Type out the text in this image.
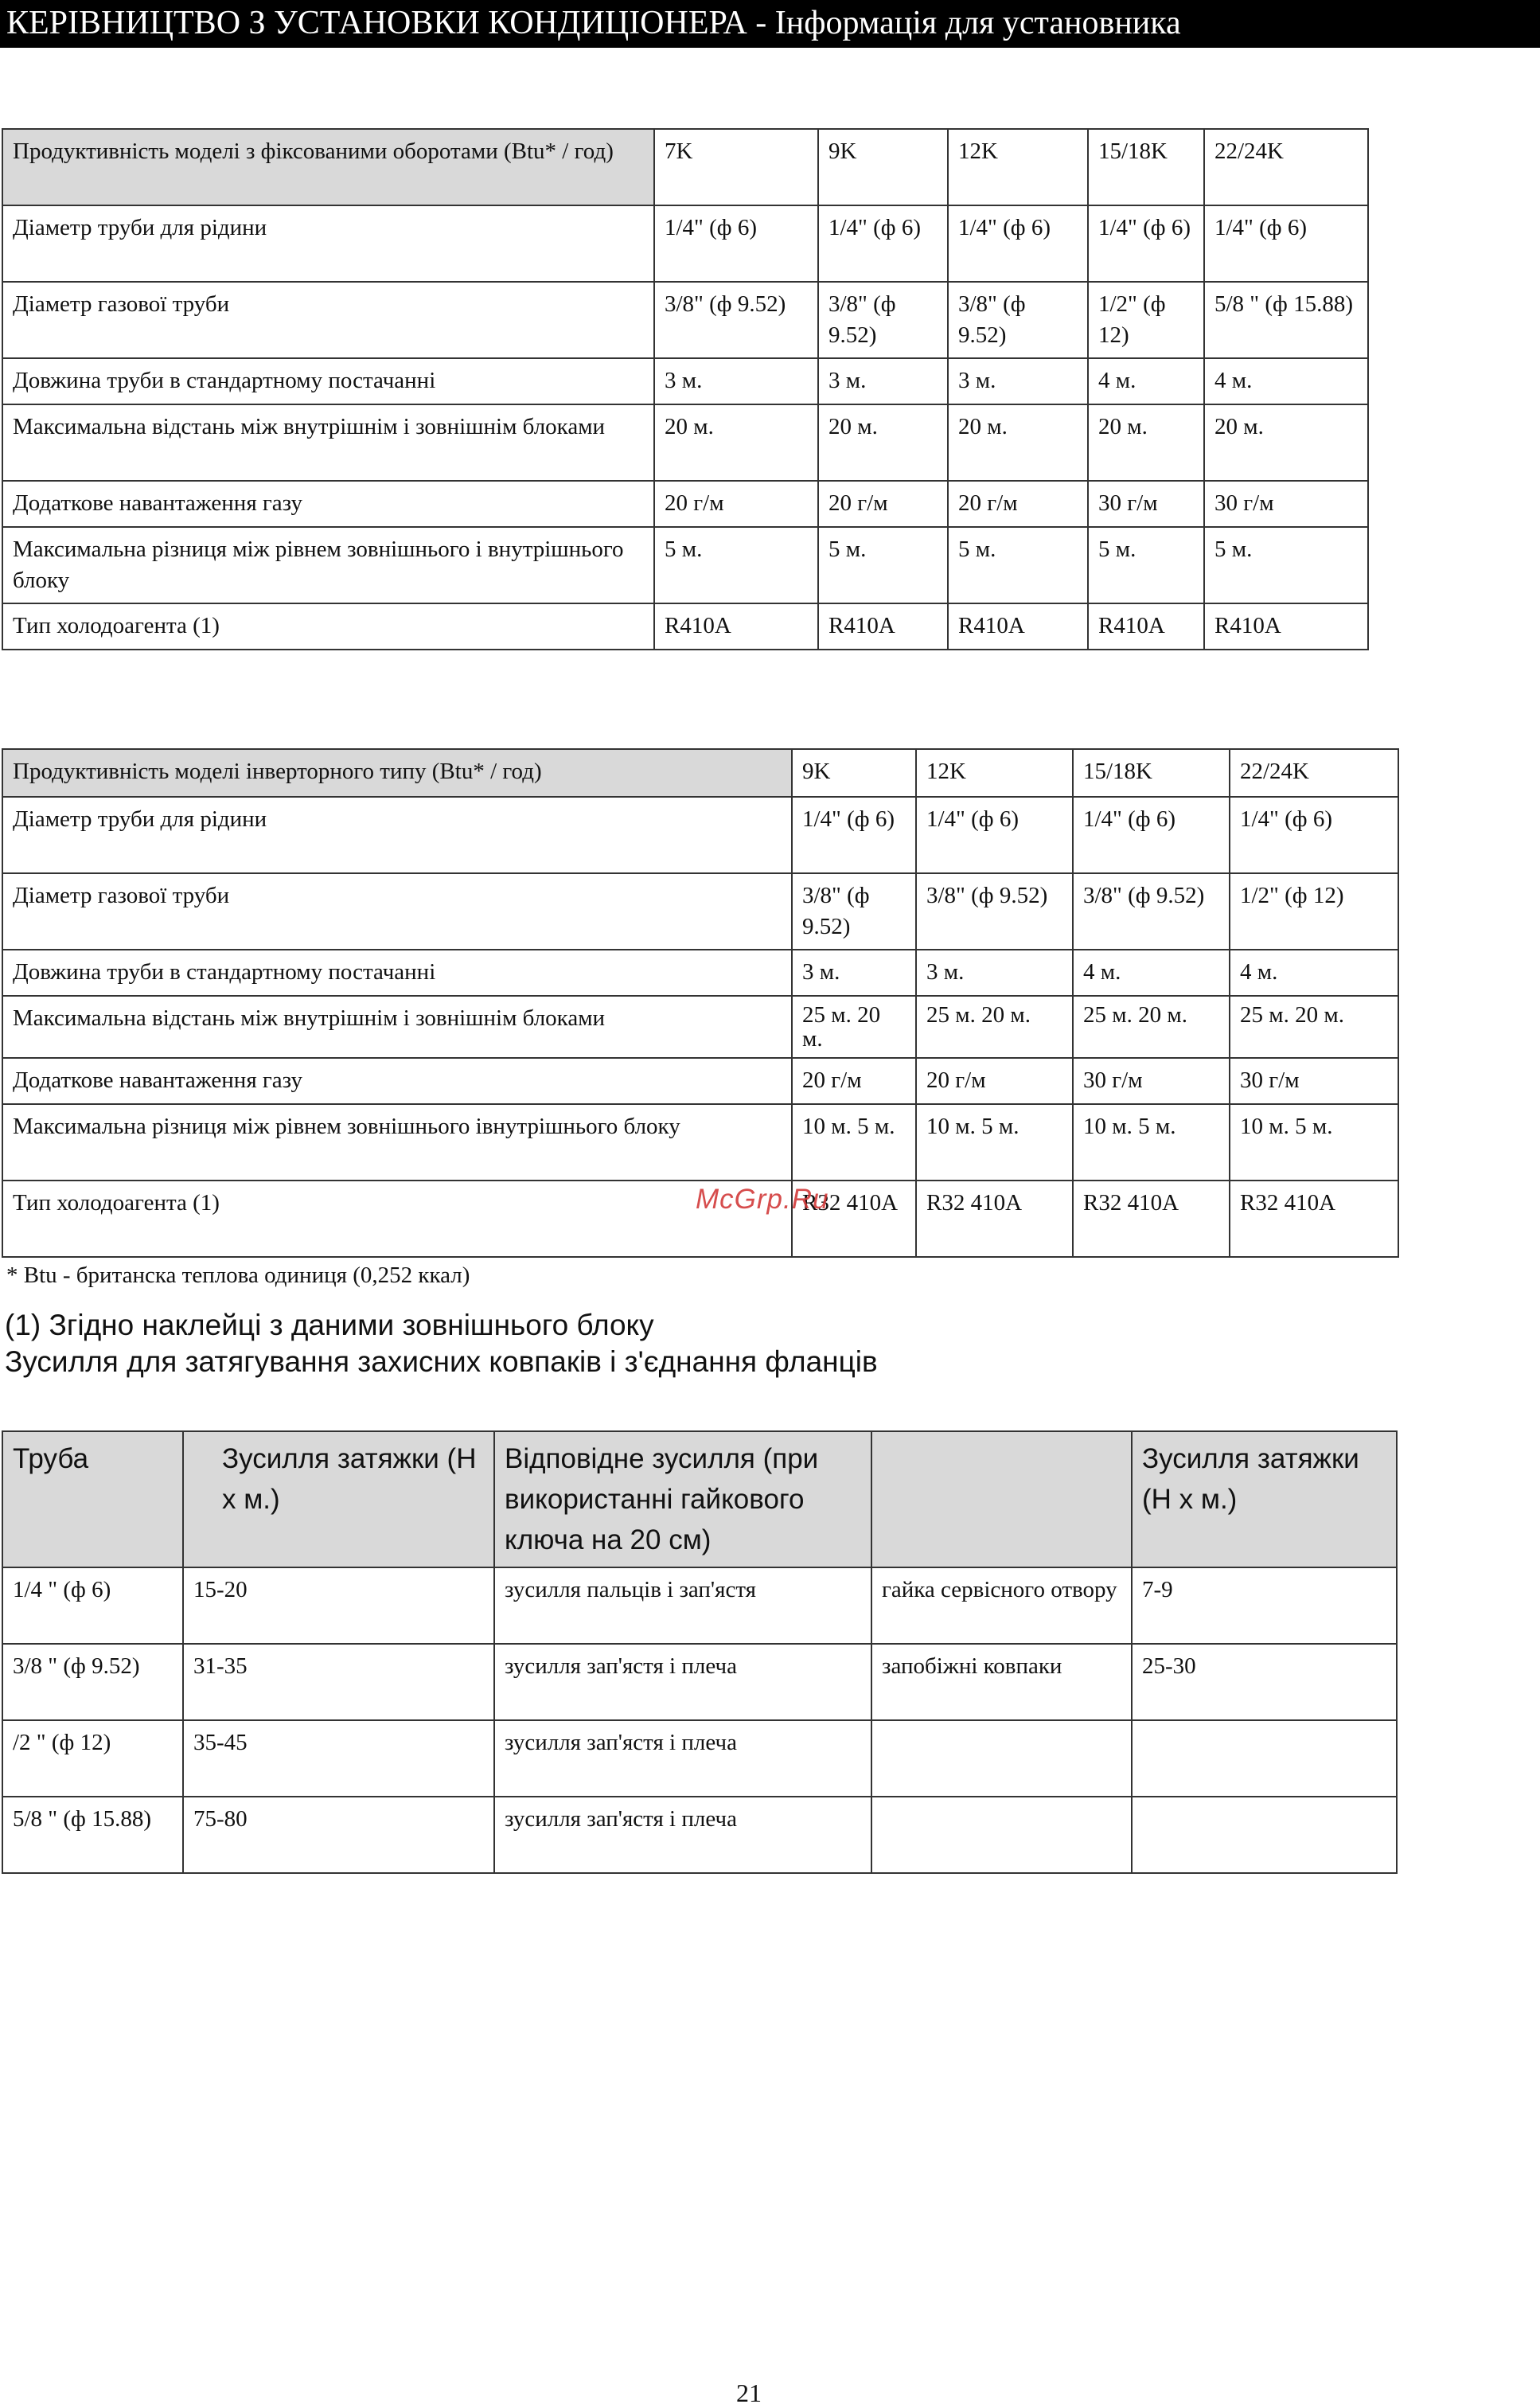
КЕРІВНИЦТВО З УСТАНОВКИ КОНДИЦІОНЕРА - Інформація для установника
Продуктивність моделі з фіксованими оборотами (Btu* / год)	7K	9K	12K	15/18K	22/24K
Діаметр труби для рідини	1/4" (ф 6)	1/4" (ф 6)	1/4" (ф 6)	1/4" (ф 6)	1/4" (ф 6)
Діаметр газової труби	3/8" (ф 9.52)	3/8" (ф 9.52)	3/8" (ф 9.52)	1/2" (ф 12)	5/8 " (ф 15.88)
Довжина труби в стандартному постачанні	3 м.	3 м.	3 м.	4 м.	4 м.
Максимальна відстань між внутрішнім і зовнішнім блоками	20 м.	20 м.	20 м.	20 м.	20 м.
Додаткове навантаження газу	20 г/м	20 г/м	20 г/м	30 г/м	30 г/м
Максимальна різниця між рівнем зовнішнього і внутрішнього блоку	5 м.	5 м.	5 м.	5 м.	5 м.
Тип холодоагента (1)	R410A	R410A	R410A	R410A	R410A
Продуктивність моделі інверторного типу (Btu* / год)	9K	12K	15/18K	22/24K
Діаметр труби для рідини	1/4" (ф 6)	1/4" (ф 6)	1/4" (ф 6)	1/4" (ф 6)
Діаметр газової труби	3/8" (ф 9.52)	3/8" (ф 9.52)	3/8" (ф 9.52)	1/2" (ф 12)
Довжина труби в стандартному постачанні	3 м.	3 м.	4 м.	4 м.
Максимальна відстань між внутрішнім і зовнішнім блоками	25 м. 20 м.	25 м. 20 м.	25 м. 20 м.	25 м. 20 м.
Додаткове навантаження газу	20 г/м	20 г/м	30 г/м	30 г/м
Максимальна різниця між рівнем зовнішнього івнутрішнього блоку	10 м. 5 м.	10 м. 5 м.	10 м. 5 м.	10 м. 5 м.
Тип холодоагента (1)	R32 410A	R32 410A	R32 410A	R32 410A
* Btu - британска теплова одиниця (0,252 ккал)
(1) Згідно наклейці з даними зовнішнього блоку
Зусилля для затягування захисних ковпаків і з'єднання фланців
Труба	Зусилля затяжки (Н х м.)	Відповідне зусилля (при використанні гайкового ключа на 20 см)		Зусилля затяжки (Н х м.)
1/4 " (ф 6)	15-20	зусилля пальців і зап'ястя	гайка сервісного отвору	7-9
3/8 " (ф 9.52)	31-35	зусилля зап'ястя і плеча	запобіжні ковпаки	25-30
/2 " (ф 12)	35-45	зусилля зап'ястя і плеча		
5/8 " (ф 15.88)	75-80	зусилля зап'ястя і плеча		
McGrp.Ru
21
